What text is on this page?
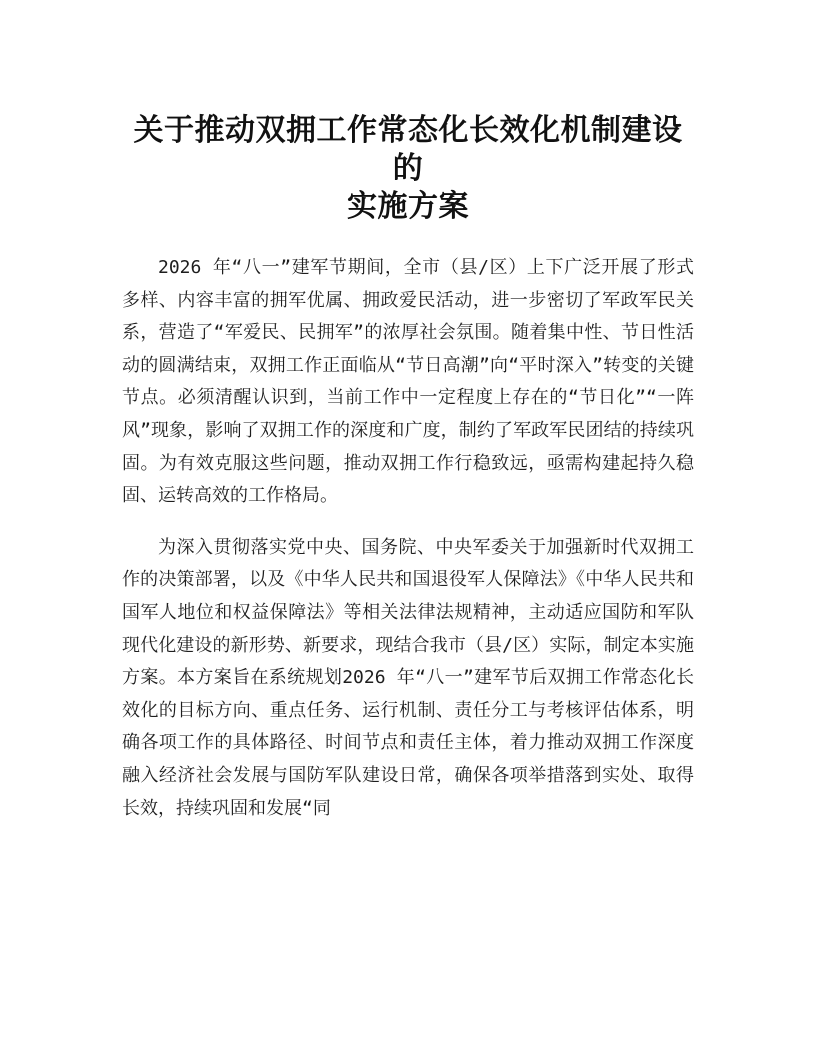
关于推动双拥工作常态化长效化机制建设的
实施方案

2026 年“八一”建军节期间，全市（县/区）上下广泛开展了形式多样、内容丰富的拥军优属、拥政爱民活动，进一步密切了军政军民关系，营造了“军爱民、民拥军”的浓厚社会氛围。随着集中性、节日性活动的圆满结束，双拥工作正面临从“节日高潮”向“平时深入”转变的关键节点。必须清醒认识到，当前工作中一定程度上存在的“节日化”“一阵风”现象，影响了双拥工作的深度和广度，制约了军政军民团结的持续巩固。为有效克服这些问题，推动双拥工作行稳致远，亟需构建起持久稳固、运转高效的工作格局。

为深入贯彻落实党中央、国务院、中央军委关于加强新时代双拥工作的决策部署，以及《中华人民共和国退役军人保障法》《中华人民共和国军人地位和权益保障法》等相关法律法规精神，主动适应国防和军队现代化建设的新形势、新要求，现结合我市（县/区）实际，制定本实施方案。本方案旨在系统规划2026 年“八一”建军节后双拥工作常态化长效化的目标方向、重点任务、运行机制、责任分工与考核评估体系，明确各项工作的具体路径、时间节点和责任主体，着力推动双拥工作深度融入经济社会发展与国防军队建设日常，确保各项举措落到实处、取得长效，持续巩固和发展“同
